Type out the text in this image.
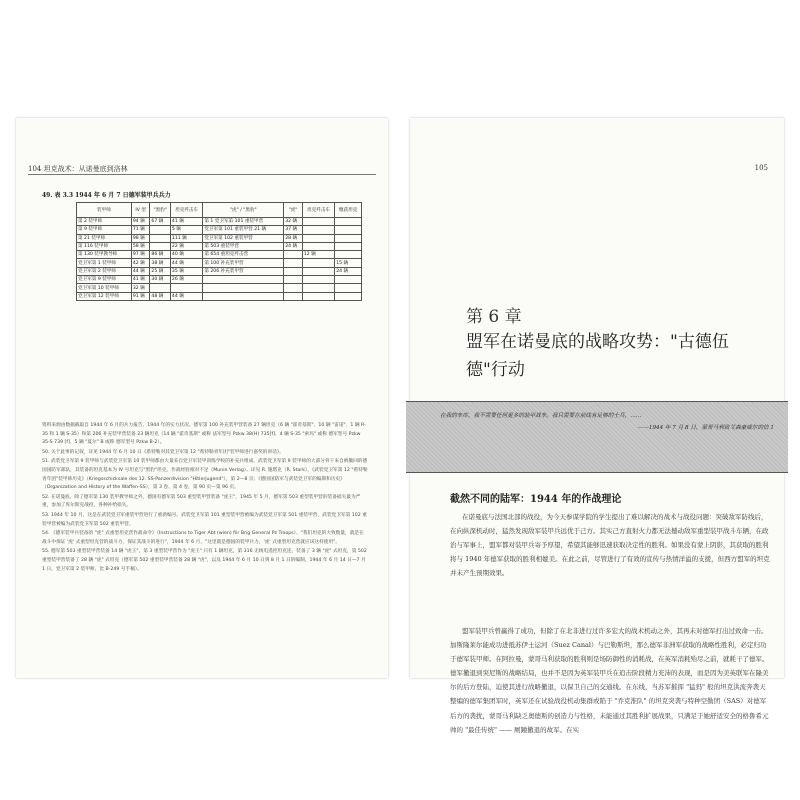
104 坦克战术：从诺曼底到洛林
49. 表 3.3 1944 年 6 月 7 日德军装甲兵兵力
装甲师	IV 型	"黑豹"	坦克歼击车	"虎" / "黑豹"	"虎"	坦克歼击车	缴获坦克
第 2 装甲师	94 辆	67 辆	41 辆	第 1 党卫军第 101 重装甲营	32 辆		
第 9 装甲师	71 辆		5 辆	党卫军第 101 重装甲营 21 辆	37 辆		
第 21 装甲师	98 辆		111 辆	党卫军第 102 重装甲营	28 辆		
第 116 装甲师	58 辆		22 辆	第 503 重装甲营	24 辆		
第 130 装甲教导师	97 辆	86 辆	40 辆	第 654 重坦克歼击营		12 辆	
党卫军第 1 装甲师	42 辆	38 辆	44 辆	第 100 补充装甲营			15 辆
党卫军第 2 装甲师	44 辆	25 辆	35 辆	第 206 补充装甲营			24 辆
党卫军第 9 装甲师	41 辆	30 辆	26 辆				
党卫军第 10 装甲师	32 辆						
党卫军第 12 装甲师	91 辆	48 辆	44 辆				

资料来源由数据截取自 1944 年 6 月的兵力报告，1944 年的实力状况。德军第 100 补充装甲营装备 27 辆坦克（6 辆 "霍奇基斯"、10 辆 "雷诺"、1 辆 R-35 和 1 辆 S-35）和第 206 补充装甲营装备 23 辆坦克（14 辆 "霍奇基斯" 或称 法军型号 Pzkw 38(H) 735[f]、4 辆 S-35 "索玛" 或称 德军型号 Pzkw 35-S 739 [f]、5 辆 "夏尔" B 或称 德军型号 Pzkw B-2）。

50. 关于此事的记叙，详见 1944 年 6 月 10 日《希特勒对其党卫军第 12 "希特勒青年团"装甲师进行嘉奖的讲话》。

51. 武装党卫军第 9 装甲师与武装党卫军第 10 装甲师都由大量来自党卫军装甲训练学校的补充兵组成。武装党卫军第 9 装甲师的大部分骨干来自被撤回的德国国防军部队，其装备的坦克基本为 IV 号坦克与"黑豹"坦克，作战经验相对不足（Munin Verlag）。详见 R. 施塔克（R. Stark），《武装党卫军第 12 "希特勒青年团"装甲师历史》（Kriegsschicksale des 12. SS-Panzerdivision "Hitlerjugend"），第 2—8 页；《德国国防军与武装党卫军的编制和历史》（Organization and History of the Waffen-SS），第 3 卷、第 4 卷，第 90 页—第 96 页。

52. 在诺曼底，除了德军第 130 装甲教导师之外，德国有德军第 503 重型装甲营装备 "虎王"，1945 年 5 月，德军第 503 重型装甲营的装备损失最为严重，参加了库尔斯克战役，各种补给损失。

53. 1944 年 10 月，这是在武装党卫军重装甲营进行了重新编号。武装党卫军第 101 重型装甲营被编为武装党卫军第 501 重装甲营，武装党卫军第 102 重装甲营被编为武装党卫军第 502 重装甲营。

54. 《德军装甲兵装备的 "虎" 式重型坦克营作战命令》（Instructions to Tiger Abt (wien) fiir Brig General Pz Troops）、"我们坦克的大致数量，就是在战斗中保证 '虎' 式重型坦克营的战斗力、保证其战斗的进行"，1944 年 6 月，"这里就是德国的装甲兵力，'虎' 式重型坦克营就应该这样使用"。

55. 德军第 503 重型装甲营装备 14 辆 "虎王"，第 3 重型装甲营作为 "虎王" 只有 1 辆坦克，第 316 无线电遥控坦克连，装备了 3 辆 "虎" 式坦克，第 502 重型装甲营装备了 28 辆 "虎" 式坦克（德军第 502 重型装甲营装备 28 辆 "虎"，以及 1944 年 6 月 10 日到 8 月 1 日的编制，1944 年 6 月 14 日—7 月 1 日，党卫军第 2 装甲师，比 B-249 号手稿）。

105
第 6 章
盟军在诺曼底的战略攻势："古德伍德"行动
在我的车库，我不需要任何更多的装甲战车。我只需要在前线有足够的士兵，……
——1944 年 7 月 8 日，蒙哥马利致艾森豪威尔的信 1
截然不同的陆军：1944 年的作战理论

在诺曼底与法国北部的战役，为今天参谋学院的学生提出了难以解决的战术与战役问题：突破敌军防线后，在向纵深机动时，猛然发现敌军装甲兵远优于己方。其实己方直射火力都无法撼动敌军重型装甲战斗车辆，在政治与军事上，盟军都对装甲兵寄予厚望，希望其能够迅速获取决定性的胜利。如果没有蒙上阴影，其获取的胜利将与 1940 年德军获取的胜利相媲美。在此之前，尽管进行了有效的宣传与热情洋溢的支援，但西方盟军的坦克并未产生预期效果。

盟军装甲兵曾赢得了成功，但除了在北非进行过许多宏大的战术机动之外，其再未对德军打出过致命一击。加斯隆莱尔能成功进抵苏伊士运河（Suez Canal）与巴勒斯坦，那么德军非洲军获取的战略性胜利，必定归功于德军装甲师。在阿拉曼，蒙哥马利获取的胜利则是场防御性的消耗战，在英军消耗殆尽之前，就耗干了德军。德军撤退到突尼斯的战略结局，也并不是因为英军装甲兵在追击阶段精力充沛的表现，而是因为美英联军在隆美尔的后方登陆，迫使其进行战略撤退，以保卫自己的交通线。在东线，当苏军摧挥 "猛犸" 般的坦克洪流奔袭天整编的德军集团军时，英军还在试验战役机动集群或陷于 "乔克淮队" 的坦克突袭与特种空勤团（SAS）对德军后方的袭扰，蒙哥马利缺乏奥德斯的创造力与性格，未能通过其胜利扩展战果，只满足于她舒适安全的格鲁希元帅的 "最佳传统" —— 厕踵撤退的故军。在实
